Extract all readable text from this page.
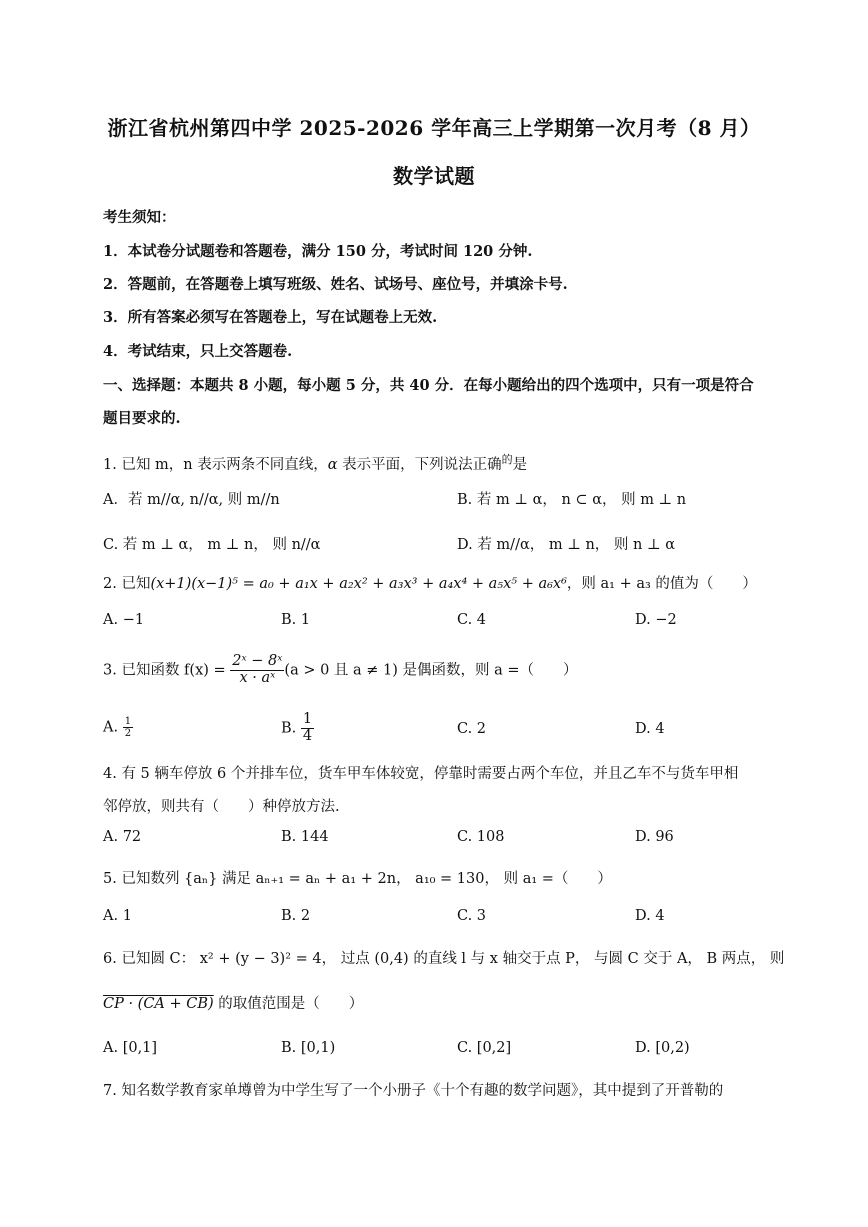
浙江省杭州第四中学 2025-2026 学年高三上学期第一次月考（8 月）
数学试题
考生须知：
1．本试卷分试题卷和答题卷，满分 150 分，考试时间 120 分钟.
2．答题前，在答题卷上填写班级、姓名、试场号、座位号，并填涂卡号.
3．所有答案必须写在答题卷上，写在试题卷上无效.
4．考试结束，只上交答题卷.
一、选择题：本题共 8 小题，每小题 5 分，共 40 分．在每小题给出的四个选项中，只有一项是符合
题目要求的.
1. 已知 m，n 表示两条不同直线，α 表示平面，下列说法正确$^的$是
A．若 m//α, n//α, 则 m//n	B. 若 m ⊥ α， n ⊂ α， 则 m ⊥ n
C. 若 m ⊥ α， m ⊥ n， 则 n//α	D. 若 m//α， m ⊥ n， 则 n ⊥ α
2. 已知(x+1)(x−1)⁵ = a₀ + a₁x + a₂x² + a₃x³ + a₄x⁴ + a₅x⁵ + a₆x⁶，则 a₁ + a₃ 的值为（　　）
A. −1	B. 1	C. 4	D. −2
3. 已知函数 $f(x) = \frac{\text{2ˣ − 8ˣ}}{\text{x · aˣ}} (a > 0$ 且 a ≠ 1) 是偶函数，则 a =（　　）
A. $\frac{1}{2}$	B. $\frac{1}{4}$	C. 2	D. 4
4. 有 5 辆车停放 6 个并排车位，货车甲车体较宽，停靠时需要占两个车位，并且乙车不与货车甲相
邻停放，则共有（　　）种停放方法.
A. 72	B. 144	C. 108	D. 96
5. 已知数列 {aₙ} 满足 aₙ₊₁ = aₙ + a₁ + 2n， a₁₀ = 130， 则 a₁ =（　　）
A. 1	B. 2	C. 3	D. 4
6. 已知圆 C： x² + (y − 3)² = 4， 过点 (0,4) 的直线 l 与 x 轴交于点 P， 与圆 C 交于 A， B 两点， 则
CP · (CA + CB) 的取值范围是（　　）
A. [0,1]	B. [0,1)	C. [0,2]	D. [0,2)
7. 知名数学教育家单墫曾为中学生写了一个小册子《十个有趣的数学问题》，其中提到了开普勒的
